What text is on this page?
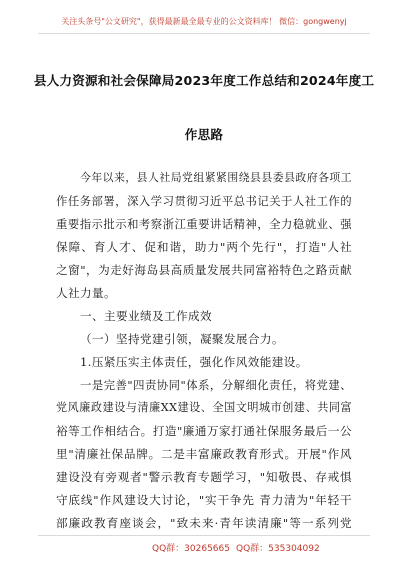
关注头条号"公文研究"，获得最新最全最专业的公文资料库！ 微信：gongwenyj
县人力资源和社会保障局2023年度工作总结和2024年度工
作思路
今年以来，县人社局党组紧紧围绕县县委县政府各项工
作任务部署，深入学习贯彻习近平总书记关于人社工作的
重要指示批示和考察浙江重要讲话精神，全力稳就业、强
保障、育人才、促和谐，助力"两个先行"，打造"人社
之窗"，为走好海岛县高质量发展共同富裕特色之路贡献
人社力量。
一、主要业绩及工作成效
（一）坚持党建引领，凝聚发展合力。
1.压紧压实主体责任，强化作风效能建设。
一是完善"四责协同"体系，分解细化责任，将党建、
党风廉政建设与清廉XX建设、全国文明城市创建、共同富
裕等工作相结合。打造"廉通万家打通社保服务最后一公
里"清廉社保品牌。二是丰富廉政教育形式。开展"作风
建设没有旁观者"警示教育专题学习，"知敬畏、存戒惧
守底线"作风建设大讨论，"实干争先 青力清为"年轻干
部廉政教育座谈会，"致未来·青年读清廉"等一系列党
QQ群：30265665 QQ群：535304092
